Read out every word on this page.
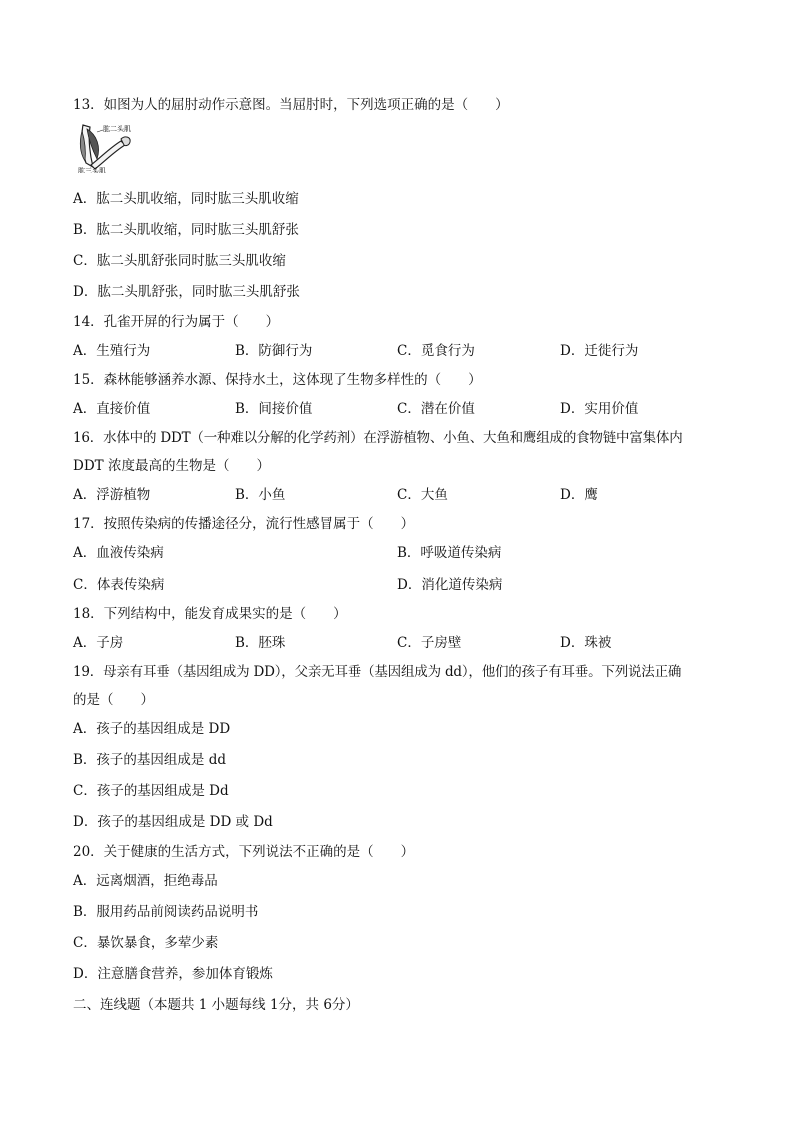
13．如图为人的屈肘动作示意图。当屈肘时，下列选项正确的是（　　）
肱二头肌
肱三头肌
A．肱二头肌收缩，同时肱三头肌收缩
B．肱二头肌收缩，同时肱三头肌舒张
C．肱二头肌舒张同时肱三头肌收缩
D．肱二头肌舒张，同时肱三头肌舒张
14．孔雀开屏的行为属于（　　）
A．生殖行为	B．防御行为	C．觅食行为	D．迁徙行为
15．森林能够涵养水源、保持水土，这体现了生物多样性的（　　）
A．直接价值	B．间接价值	C．潜在价值	D．实用价值
16．水体中的 DDT（一种难以分解的化学药剂）在浮游植物、小鱼、大鱼和鹰组成的食物链中富集体内
DDT 浓度最高的生物是（　　）
A．浮游植物	B．小鱼	C．大鱼	D．鹰
17．按照传染病的传播途径分，流行性感冒属于（　　）
A．血液传染病	B．呼吸道传染病
C．体表传染病	D．消化道传染病
18．下列结构中，能发育成果实的是（　　）
A．子房	B．胚珠	C．子房壁	D．珠被
19．母亲有耳垂（基因组成为 DD），父亲无耳垂（基因组成为 dd），他们的孩子有耳垂。下列说法正确
的是（　　）
A．孩子的基因组成是 DD
B．孩子的基因组成是 dd
C．孩子的基因组成是 Dd
D．孩子的基因组成是 DD 或 Dd
20．关于健康的生活方式，下列说法不正确的是（　　）
A．远离烟酒，拒绝毒品
B．服用药品前阅读药品说明书
C．暴饮暴食，多荤少素
D．注意膳食营养，参加体育锻炼
二、连线题（本题共 1 小题每线 1分，共 6分）
